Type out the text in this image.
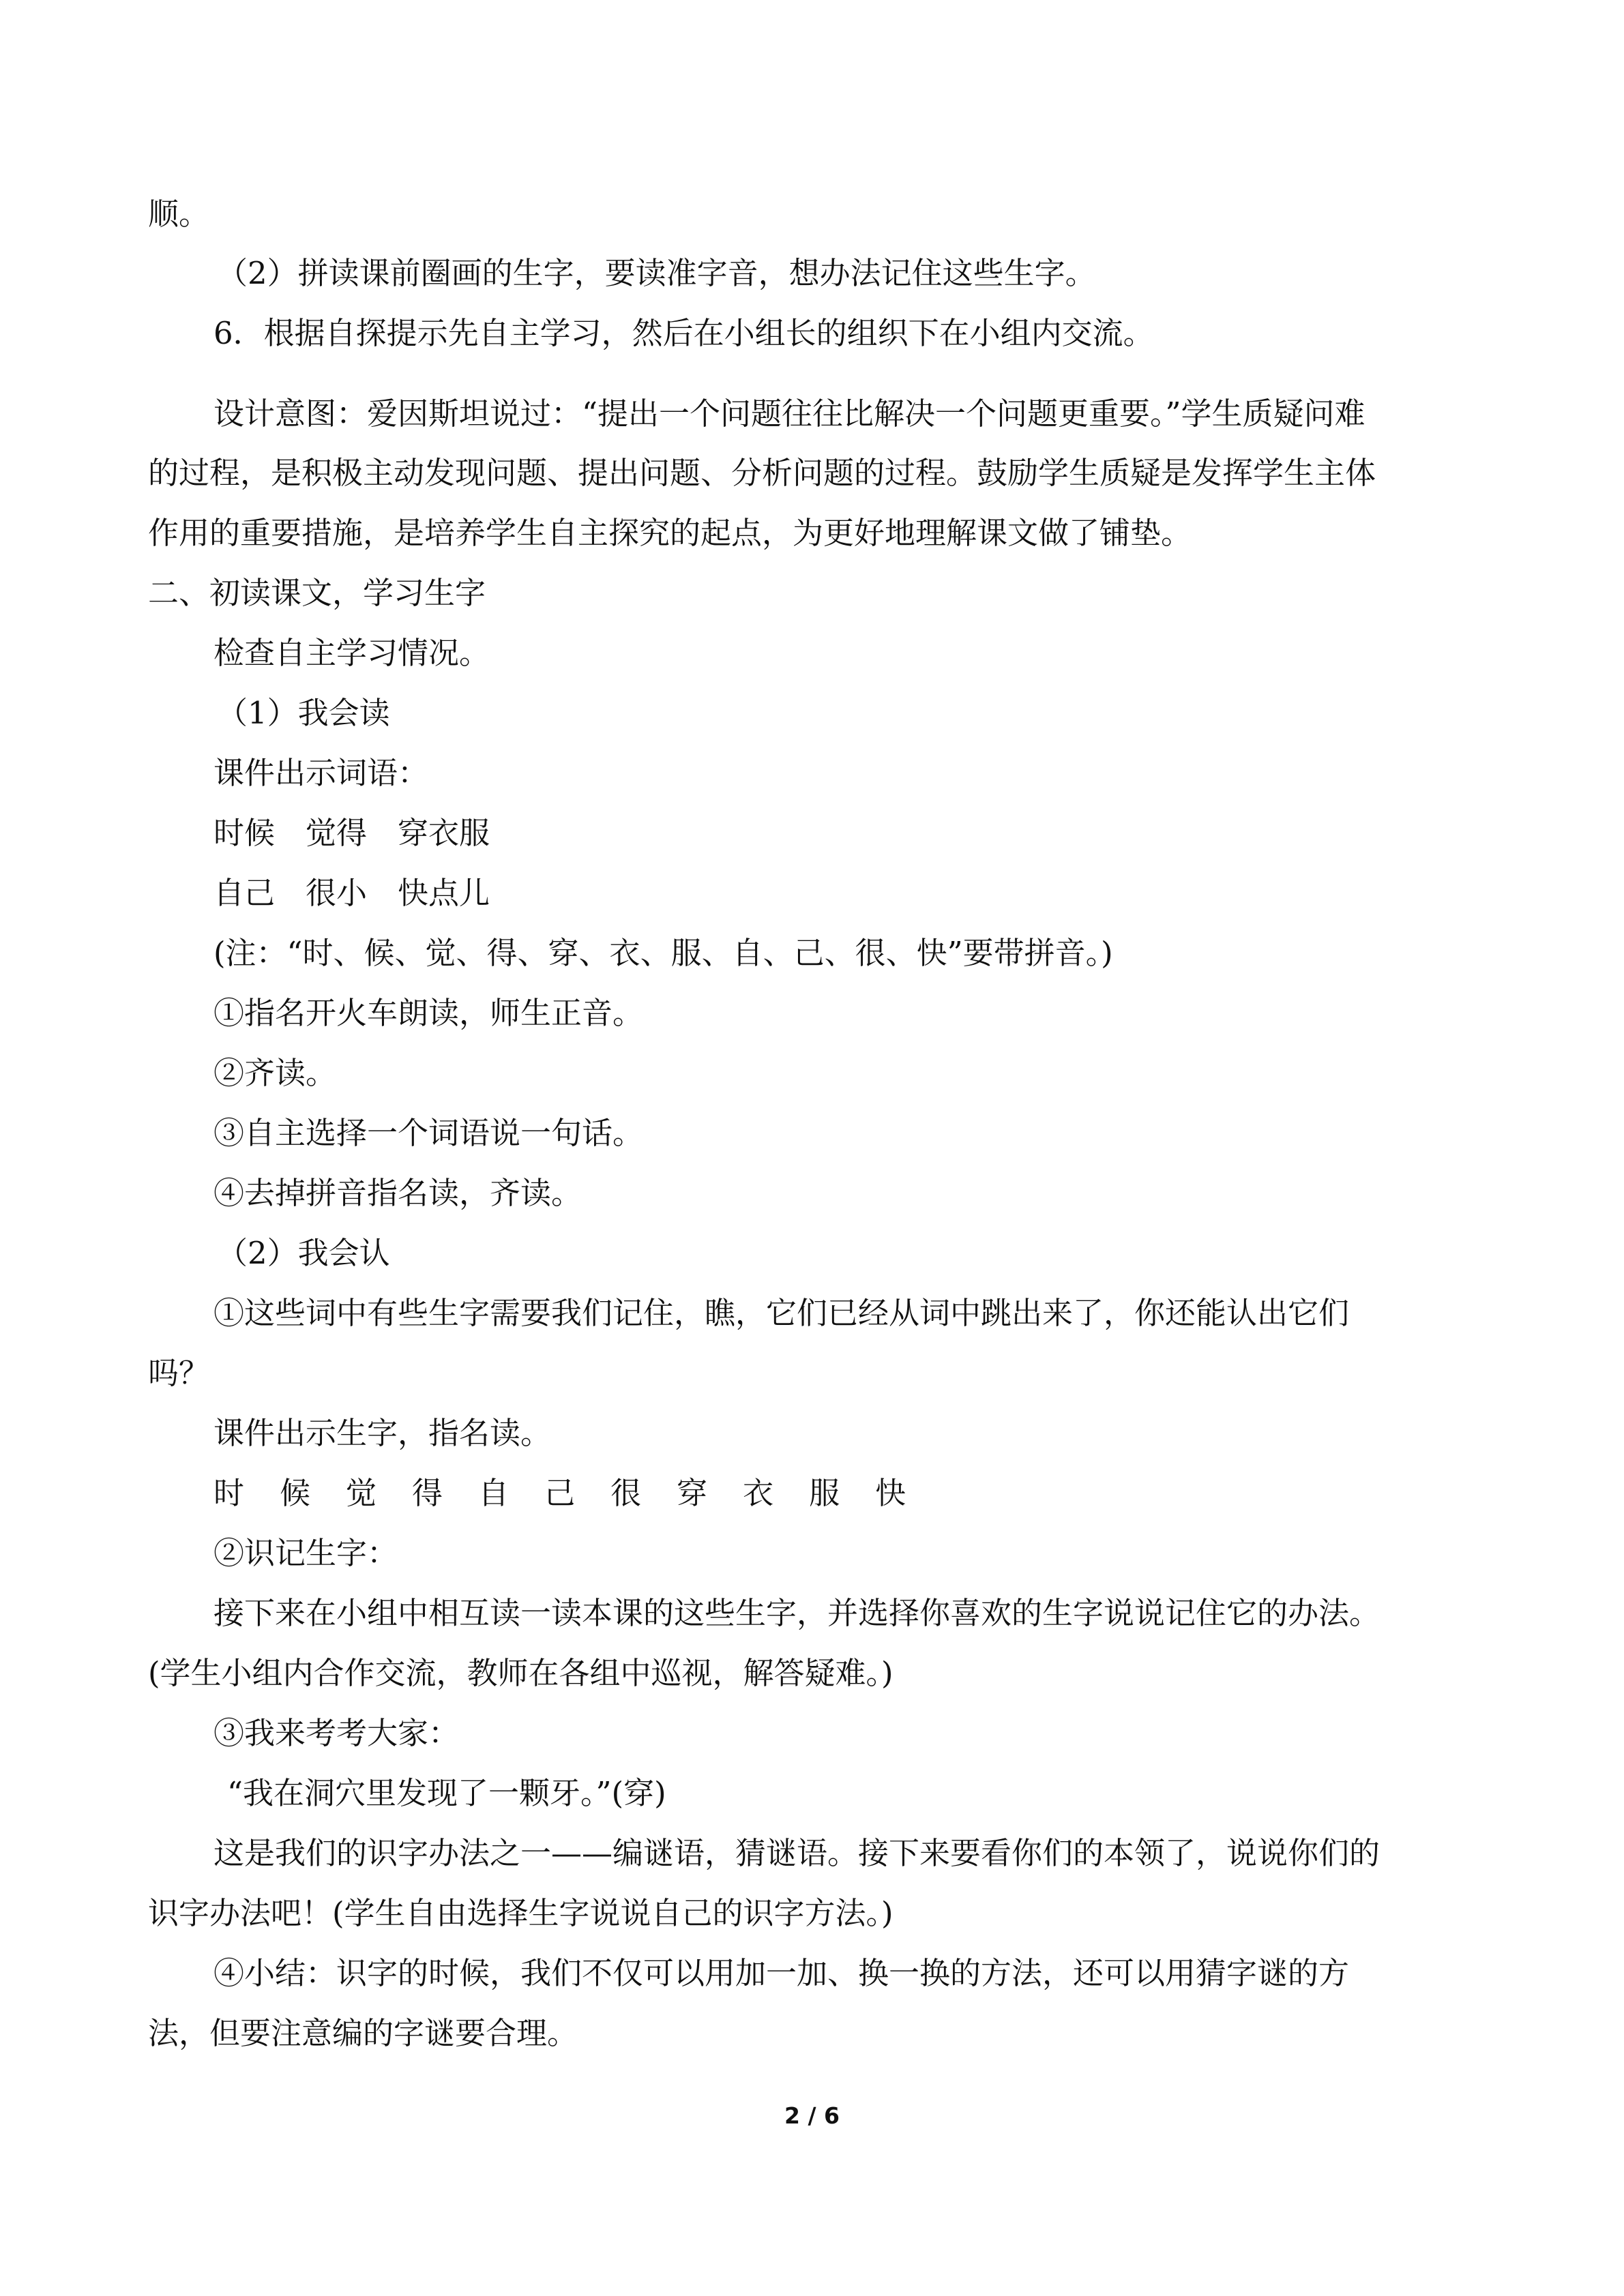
顺。
（2）拼读课前圈画的生字，要读准字音，想办法记住这些生字。
6．根据自探提示先自主学习，然后在小组长的组织下在小组内交流。
设计意图：爱因斯坦说过：“提出一个问题往往比解决一个问题更重要。”学生质疑问难
的过程，是积极主动发现问题、提出问题、分析问题的过程。鼓励学生质疑是发挥学生主体
作用的重要措施，是培养学生自主探究的起点，为更好地理解课文做了铺垫。
二、初读课文，学习生字
检查自主学习情况。
（1）我会读
课件出示词语：
时候　觉得　穿衣服
自己　很小　快点儿
(注：“时、候、觉、得、穿、衣、服、自、己、很、快”要带拼音。)
①指名开火车朗读，师生正音。
②齐读。
③自主选择一个词语说一句话。
④去掉拼音指名读，齐读。
（2）我会认
①这些词中有些生字需要我们记住，瞧，它们已经从词中跳出来了，你还能认出它们
吗？
课件出示生字，指名读。
时 候 觉 得 自 己 很 穿 衣 服 快
②识记生字：
接下来在小组中相互读一读本课的这些生字，并选择你喜欢的生字说说记住它的办法。
(学生小组内合作交流，教师在各组中巡视，解答疑难。)
③我来考考大家：
“我在洞穴里发现了一颗牙。”(穿)
这是我们的识字办法之一——编谜语，猜谜语。接下来要看你们的本领了，说说你们的
识字办法吧！(学生自由选择生字说说自己的识字方法。)
④小结：识字的时候，我们不仅可以用加一加、换一换的方法，还可以用猜字谜的方
法，但要注意编的字谜要合理。
2 / 6
